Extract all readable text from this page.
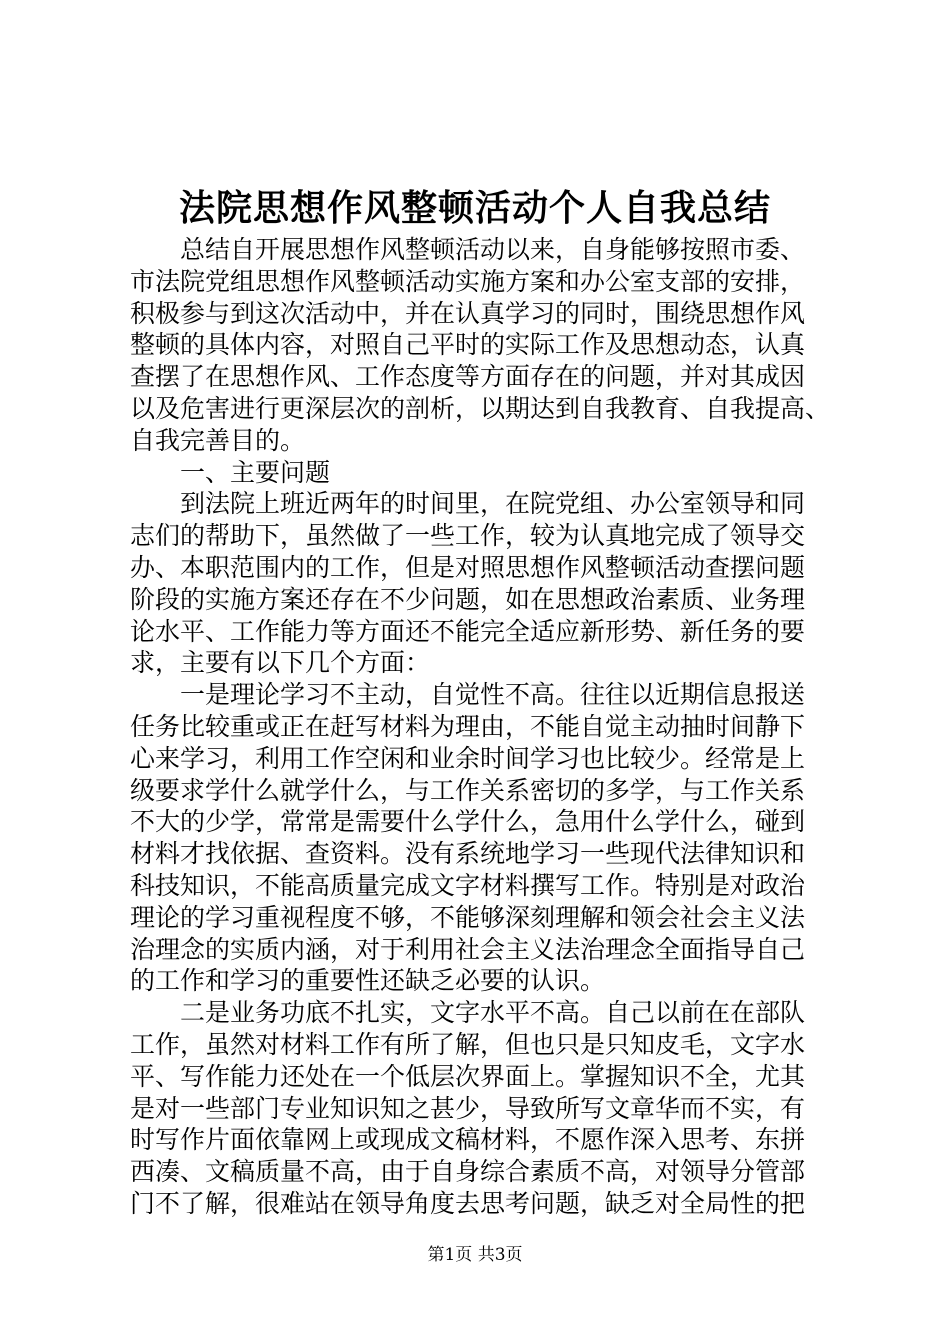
法院思想作风整顿活动个人自我总结
总结自开展思想作风整顿活动以来，自身能够按照市委、
市法院党组思想作风整顿活动实施方案和办公室支部的安排，
积极参与到这次活动中，并在认真学习的同时，围绕思想作风
整顿的具体内容，对照自己平时的实际工作及思想动态，认真
查摆了在思想作风、工作态度等方面存在的问题，并对其成因
以及危害进行更深层次的剖析，以期达到自我教育、自我提高、
自我完善目的。
一、主要问题
到法院上班近两年的时间里，在院党组、办公室领导和同
志们的帮助下，虽然做了一些工作，较为认真地完成了领导交
办、本职范围内的工作，但是对照思想作风整顿活动查摆问题
阶段的实施方案还存在不少问题，如在思想政治素质、业务理
论水平、工作能力等方面还不能完全适应新形势、新任务的要
求，主要有以下几个方面：
一是理论学习不主动，自觉性不高。往往以近期信息报送
任务比较重或正在赶写材料为理由，不能自觉主动抽时间静下
心来学习，利用工作空闲和业余时间学习也比较少。经常是上
级要求学什么就学什么，与工作关系密切的多学，与工作关系
不大的少学，常常是需要什么学什么，急用什么学什么，碰到
材料才找依据、查资料。没有系统地学习一些现代法律知识和
科技知识，不能高质量完成文字材料撰写工作。特别是对政治
理论的学习重视程度不够，不能够深刻理解和领会社会主义法
治理念的实质内涵，对于利用社会主义法治理念全面指导自己
的工作和学习的重要性还缺乏必要的认识。
二是业务功底不扎实，文字水平不高。自己以前在在部队
工作，虽然对材料工作有所了解，但也只是只知皮毛，文字水
平、写作能力还处在一个低层次界面上。掌握知识不全，尤其
是对一些部门专业知识知之甚少，导致所写文章华而不实，有
时写作片面依靠网上或现成文稿材料，不愿作深入思考、东拼
西凑、文稿质量不高，由于自身综合素质不高，对领导分管部
门不了解，很难站在领导角度去思考问题，缺乏对全局性的把
第1页 共3页
